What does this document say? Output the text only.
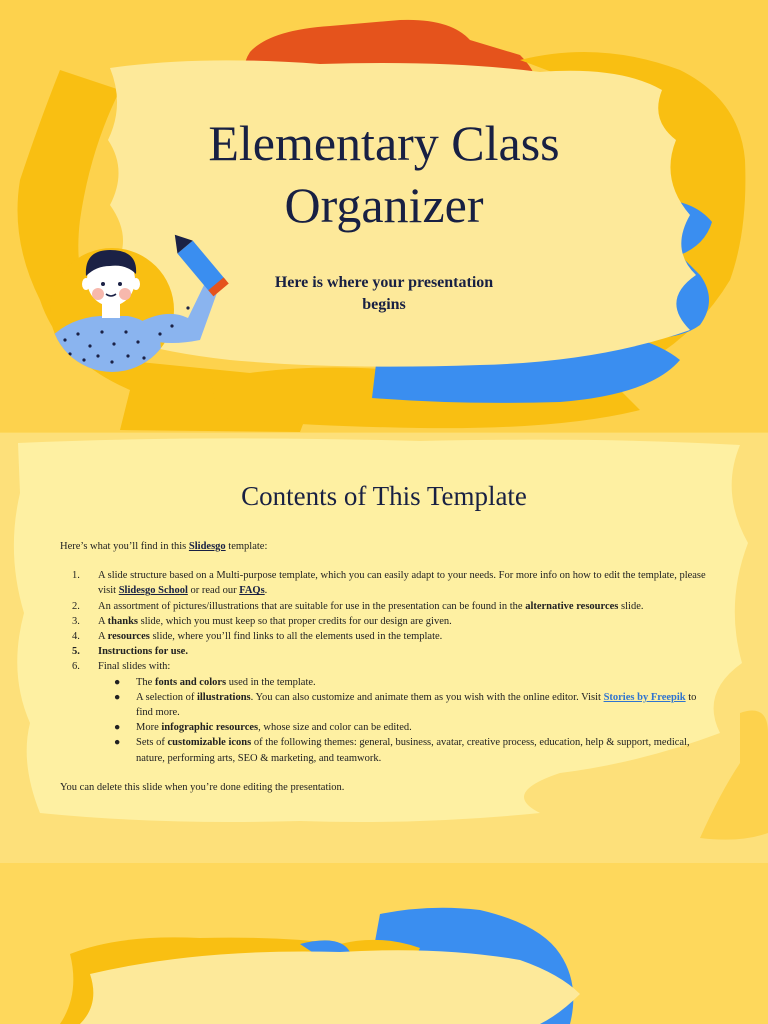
Elementary Class
Organizer
Here is where your presentation
begins
Contents of This Template

Here’s what you’ll find in this Slidesgo template:

1. A slide structure based on a Multi-purpose template, which you can easily adapt to your needs. For more info on how to edit the template, please visit Slidesgo School or read our FAQs.
2. An assortment of pictures/illustrations that are suitable for use in the presentation can be found in the alternative resources slide.
3. A thanks slide, which you must keep so that proper credits for our design are given.
4. A resources slide, where you’ll find links to all the elements used in the template.
5. Instructions for use.
6. Final slides with:
● The fonts and colors used in the template.
● A selection of illustrations. You can also customize and animate them as you wish with the online editor. Visit Stories by Freepik to find more.
● More infographic resources, whose size and color can be edited.
● Sets of customizable icons of the following themes: general, business, avatar, creative process, education, help & support, medical, nature, performing arts, SEO & marketing, and teamwork.

You can delete this slide when you’re done editing the presentation.
